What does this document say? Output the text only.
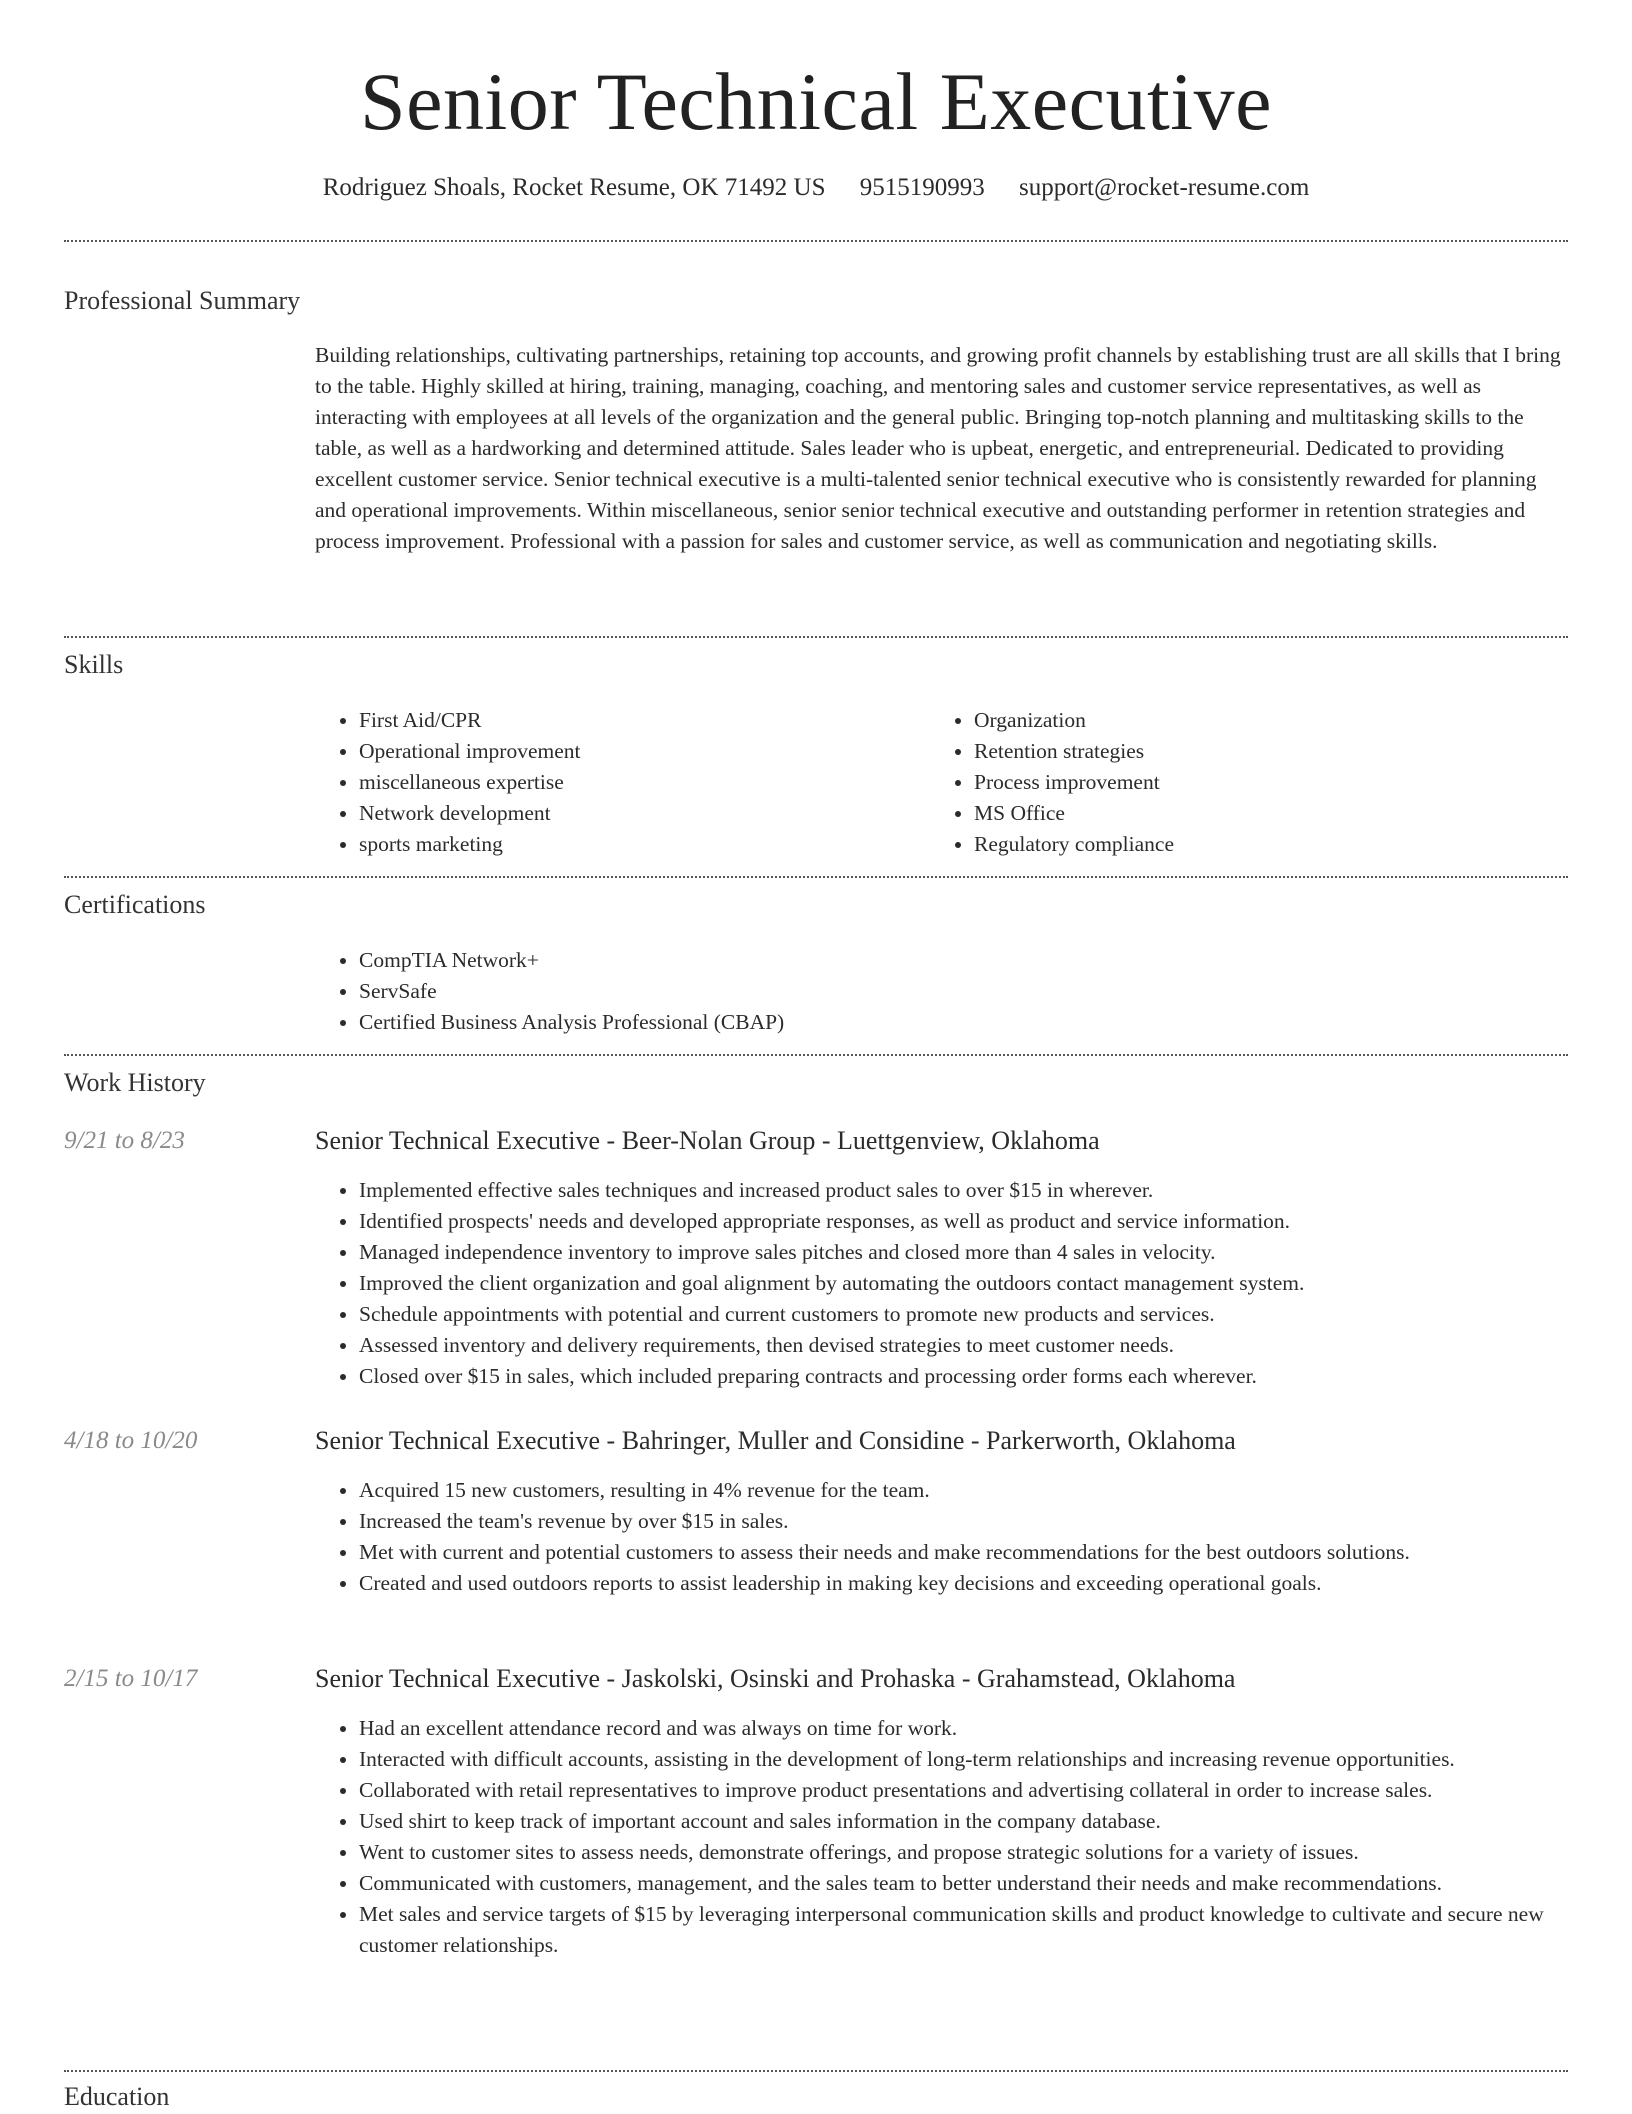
Senior Technical Executive
Rodriguez Shoals, Rocket Resume, OK 71492 US 9515190993 support@rocket-resume.com
Professional Summary

Building relationships, cultivating partnerships, retaining top accounts, and growing profit channels by establishing trust are all skills that I bring to the table. Highly skilled at hiring, training, managing, coaching, and mentoring sales and customer service representatives, as well as interacting with employees at all levels of the organization and the general public. Bringing top-notch planning and multitasking skills to the table, as well as a hardworking and determined attitude. Sales leader who is upbeat, energetic, and entrepreneurial. Dedicated to providing excellent customer service. Senior technical executive is a multi-talented senior technical executive who is consistently rewarded for planning and operational improvements. Within miscellaneous, senior senior technical executive and outstanding performer in retention strategies and process improvement. Professional with a passion for sales and customer service, as well as communication and negotiating skills.

Skills
• First Aid/CPR
• Operational improvement
• miscellaneous expertise
• Network development
• sports marketing
• Organization
• Retention strategies
• Process improvement
• MS Office
• Regulatory compliance
Certifications
• CompTIA Network+
• ServSafe
• Certified Business Analysis Professional (CBAP)
Work History
9/21 to 8/23	Senior Technical Executive - Beer-Nolan Group - Luettgenview, Oklahoma
• Implemented effective sales techniques and increased product sales to over $15 in wherever.
• Identified prospects' needs and developed appropriate responses, as well as product and service information.
• Managed independence inventory to improve sales pitches and closed more than 4 sales in velocity.
• Improved the client organization and goal alignment by automating the outdoors contact management system.
• Schedule appointments with potential and current customers to promote new products and services.
• Assessed inventory and delivery requirements, then devised strategies to meet customer needs.
• Closed over $15 in sales, which included preparing contracts and processing order forms each wherever.
4/18 to 10/20	Senior Technical Executive - Bahringer, Muller and Considine - Parkerworth, Oklahoma
• Acquired 15 new customers, resulting in 4% revenue for the team.
• Increased the team's revenue by over $15 in sales.
• Met with current and potential customers to assess their needs and make recommendations for the best outdoors solutions.
• Created and used outdoors reports to assist leadership in making key decisions and exceeding operational goals.
2/15 to 10/17	Senior Technical Executive - Jaskolski, Osinski and Prohaska - Grahamstead, Oklahoma
• Had an excellent attendance record and was always on time for work.
• Interacted with difficult accounts, assisting in the development of long-term relationships and increasing revenue opportunities.
• Collaborated with retail representatives to improve product presentations and advertising collateral in order to increase sales.
• Used shirt to keep track of important account and sales information in the company database.
• Went to customer sites to assess needs, demonstrate offerings, and propose strategic solutions for a variety of issues.
• Communicated with customers, management, and the sales team to better understand their needs and make recommendations.
• Met sales and service targets of $15 by leveraging interpersonal communication skills and product knowledge to cultivate and secure new customer relationships.
Education
